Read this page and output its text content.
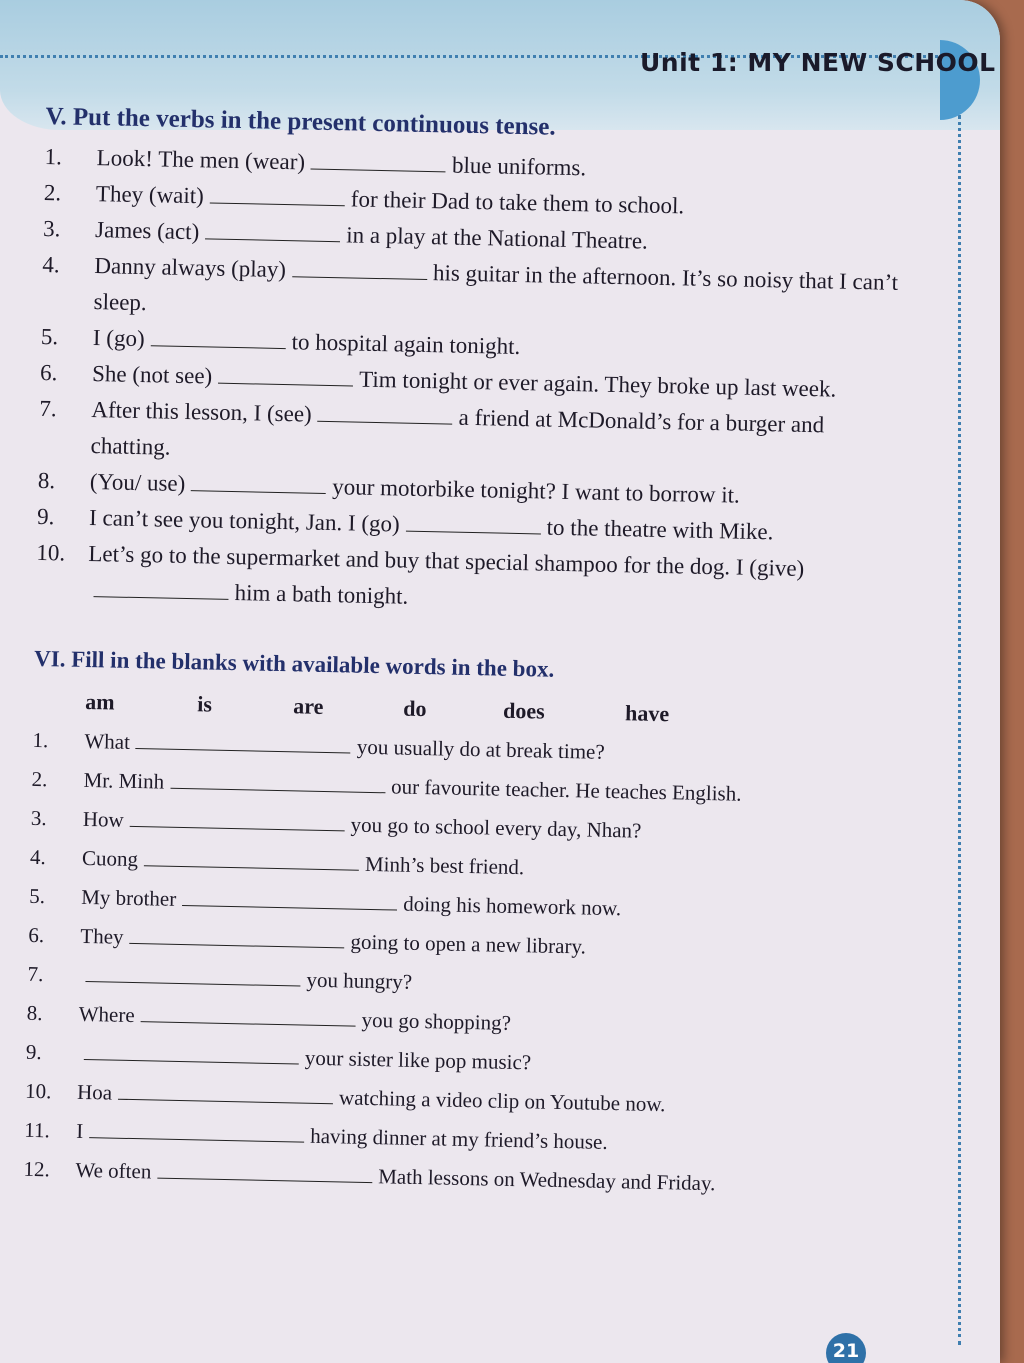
Unit 1: MY NEW SCHOOL
V. Put the verbs in the present continuous tense.
1.	Look! The men (wear)	blue uniforms.
2.	They (wait)	for their Dad to take them to school.
3.	James (act)	in a play at the National Theatre.
4.	Danny always (play)	his guitar in the afternoon. It’s so noisy that I can’t sleep.
5.	I (go)	to hospital again tonight.
6.	She (not see)	Tim tonight or ever again. They broke up last week.
7.	After this lesson, I (see)	a friend at McDonald’s for a burger and chatting.
8.	(You/ use)	your motorbike tonight? I want to borrow it.
9.	I can’t see you tonight, Jan. I (go)	to the theatre with Mike.
10. Let’s go to the supermarket and buy that special shampoo for the dog. I (give)him a bath tonight.
VI. Fill in the blanks with available words in the box.
am	is	are	do	does	have
1.	What	you usually do at break time?
2.	Mr. Minh	our favourite teacher. He teaches English.
3.	How	you go to school every day, Nhan?
4.	Cuong	Minh’s best friend.
5.	My brother	doing his homework now.
6.	They	going to open a new library.
7.	you hungry?
8.	Where	you go shopping?
9.	your sister like pop music?
10.	Hoa	watching a video clip on Youtube now.
11.	I	having dinner at my friend’s house.
12.	We often	Math lessons on Wednesday and Friday.
21
